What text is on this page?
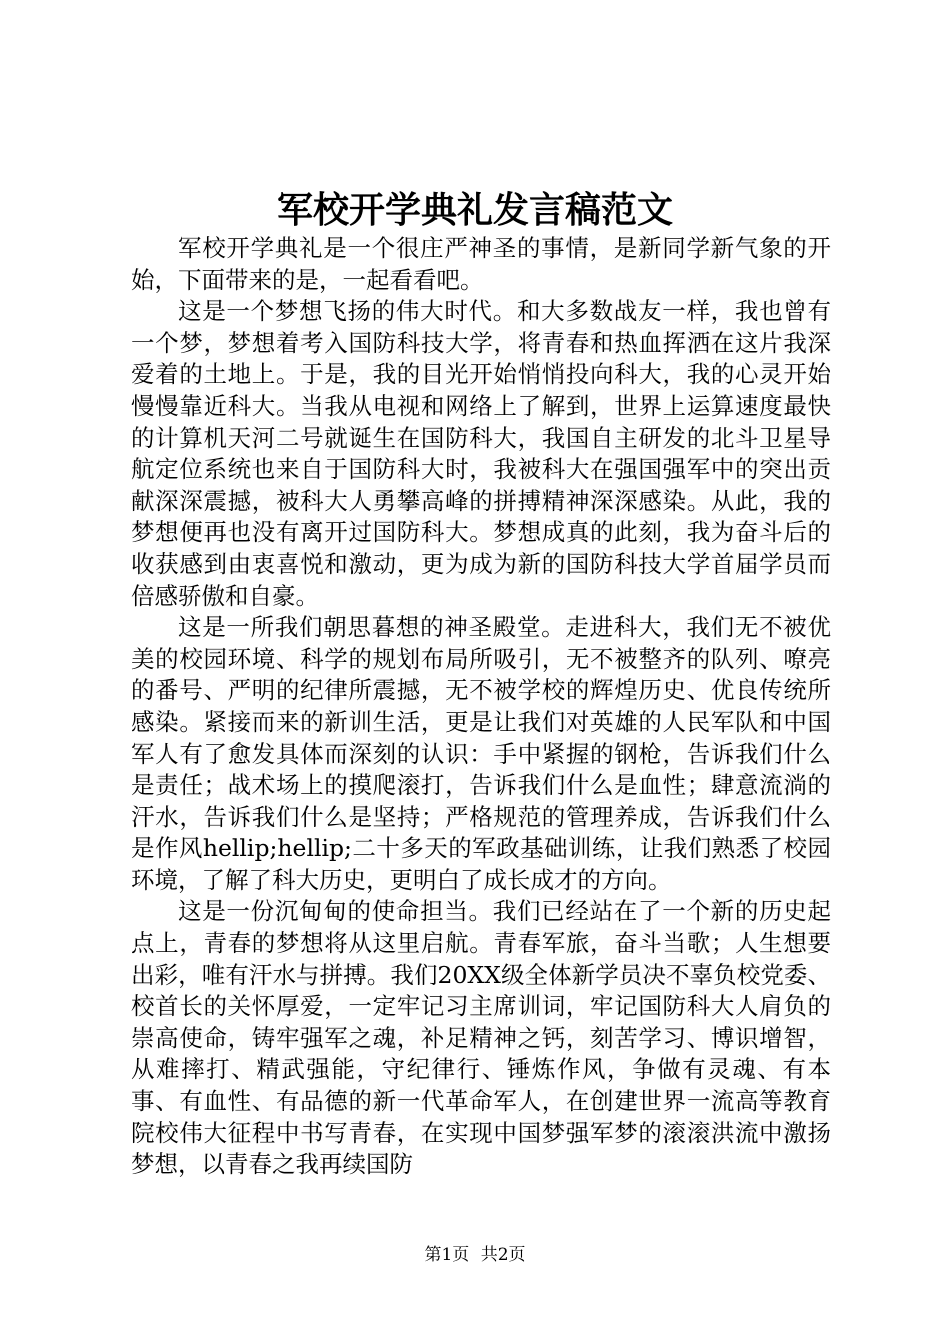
军校开学典礼发言稿范文

军校开学典礼是一个很庄严神圣的事情，是新同学新气象的开始，下面带来的是，一起看看吧。

这是一个梦想飞扬的伟大时代。和大多数战友一样，我也曾有一个梦，梦想着考入国防科技大学，将青春和热血挥洒在这片我深爱着的土地上。于是，我的目光开始悄悄投向科大，我的心灵开始慢慢靠近科大。当我从电视和网络上了解到，世界上运算速度最快的计算机天河二号就诞生在国防科大，我国自主研发的北斗卫星导航定位系统也来自于国防科大时，我被科大在强国强军中的突出贡献深深震撼，被科大人勇攀高峰的拼搏精神深深感染。从此，我的梦想便再也没有离开过国防科大。梦想成真的此刻，我为奋斗后的收获感到由衷喜悦和激动，更为成为新的国防科技大学首届学员而倍感骄傲和自豪。

这是一所我们朝思暮想的神圣殿堂。走进科大，我们无不被优美的校园环境、科学的规划布局所吸引，无不被整齐的队列、嘹亮的番号、严明的纪律所震撼，无不被学校的辉煌历史、优良传统所感染。紧接而来的新训生活，更是让我们对英雄的人民军队和中国军人有了愈发具体而深刻的认识：手中紧握的钢枪，告诉我们什么是责任；战术场上的摸爬滚打，告诉我们什么是血性；肆意流淌的汗水，告诉我们什么是坚持；严格规范的管理养成，告诉我们什么是作风hellip;hellip;二十多天的军政基础训练，让我们熟悉了校园环境，了解了科大历史，更明白了成长成才的方向。

这是一份沉甸甸的使命担当。我们已经站在了一个新的历史起点上，青春的梦想将从这里启航。青春军旅，奋斗当歌；人生想要出彩，唯有汗水与拼搏。我们20XX级全体新学员决不辜负校党委、校首长的关怀厚爱，一定牢记习主席训词，牢记国防科大人肩负的崇高使命，铸牢强军之魂，补足精神之钙，刻苦学习、博识增智，从难摔打、精武强能，守纪律行、锤炼作风，争做有灵魂、有本事、有血性、有品德的新一代革命军人，在创建世界一流高等教育院校伟大征程中书写青春，在实现中国梦强军梦的滚滚洪流中激扬梦想，以青春之我再续国防

第1页 共2页
